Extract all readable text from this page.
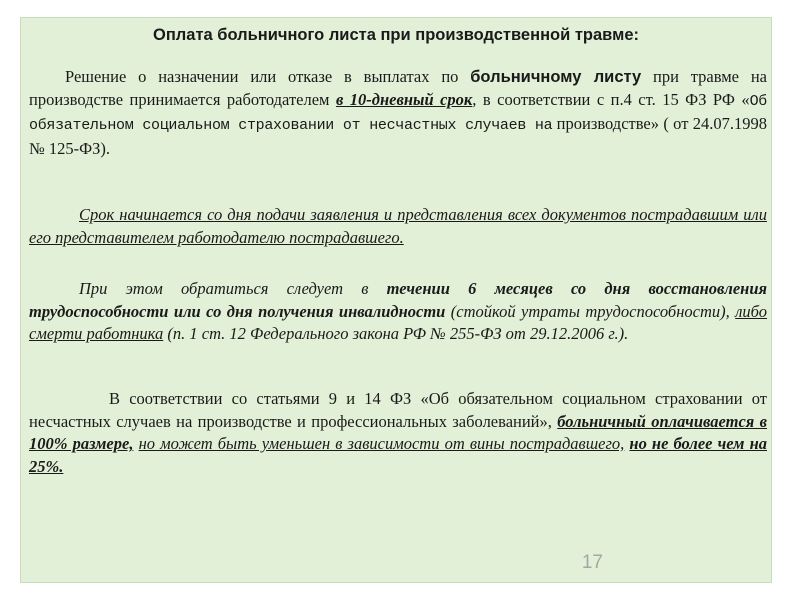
Оплата больничного листа при производственной травме:

Решение о назначении или отказе в выплатах по больничному листу при травме на производстве принимается работодателем в 10-дневный срок, в соответствии с п.4 ст. 15 ФЗ РФ «Об обязательном социальном страховании от несчастных случаев на производстве» ( от 24.07.1998 № 125-ФЗ).

Срок начинается со дня подачи заявления и представления всех документов пострадавшим или его представителем работодателю пострадавшего.

При этом обратиться следует в течении 6 месяцев со дня восстановления трудоспособности или со дня получения инвалидности (стойкой утраты трудоспособности), либо смерти работника (п. 1 ст. 12 Федерального закона РФ № 255-ФЗ от 29.12.2006 г.).

В соответствии со статьями 9 и 14 ФЗ «Об обязательном социальном страховании от несчастных случаев на производстве и профессиональных заболеваний», больничный оплачивается в 100% размере, но может быть уменьшен в зависимости от вины пострадавшего, но не более чем на 25%.

17
